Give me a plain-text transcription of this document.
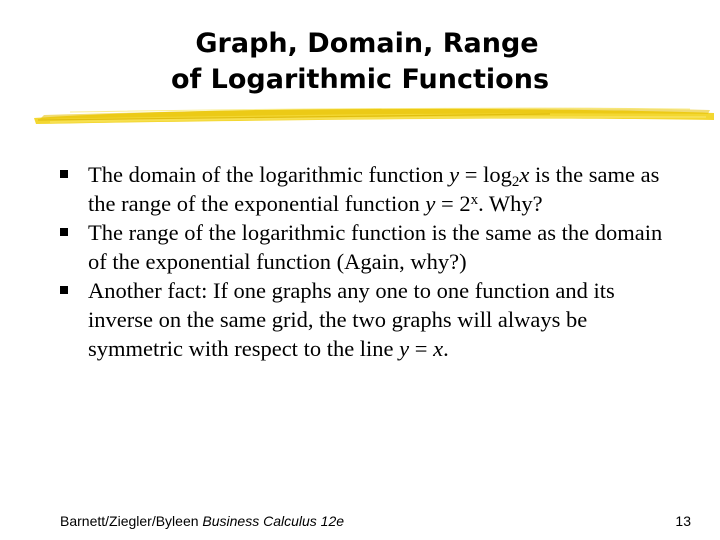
Graph, Domain, Range
of Logarithmic Functions
The domain of the logarithmic function $y = \log_2x$ is the same as the range of the exponential function $y = 2^x$. Why?
The range of the logarithmic function is the same as the domain of the exponential function (Again, why?)
Another fact: If one graphs any one to one function and its inverse on the same grid, the two graphs will always be symmetric with respect to the line y = x.
Barnett/Ziegler/Byleen Business Calculus 12e	13
